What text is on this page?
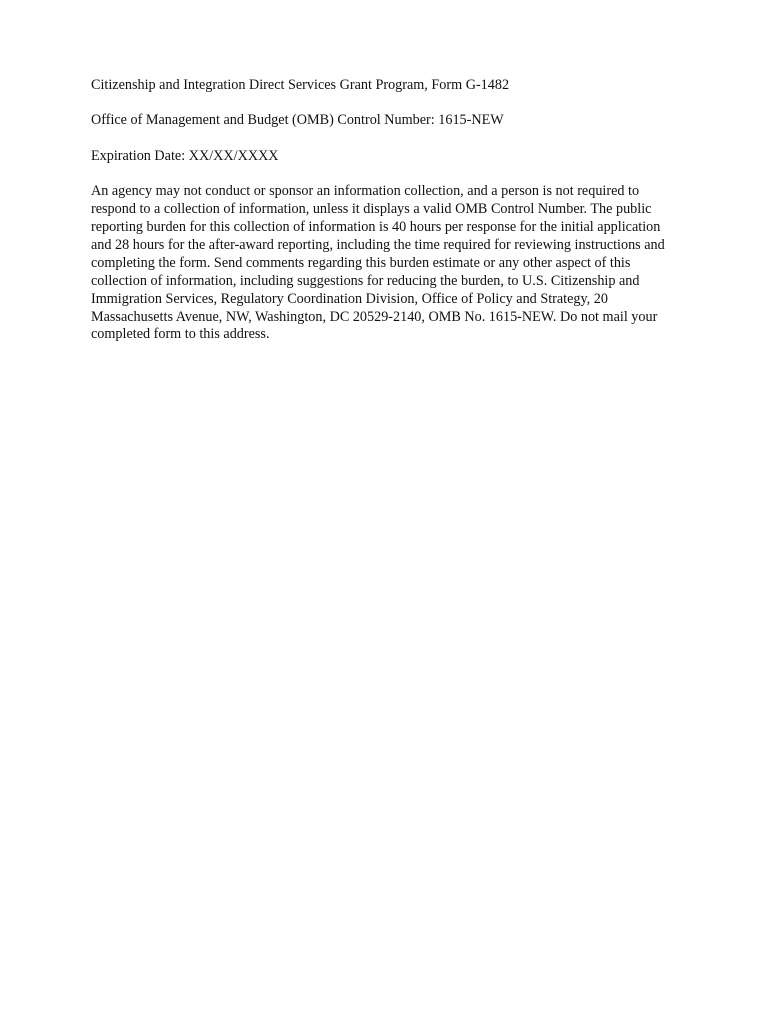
Citizenship and Integration Direct Services Grant Program, Form G-1482

Office of Management and Budget (OMB) Control Number: 1615-NEW

Expiration Date: XX/XX/XXXX

An agency may not conduct or sponsor an information collection, and a person is not required to respond to a collection of information, unless it displays a valid OMB Control Number. The public reporting burden for this collection of information is 40 hours per response for the initial application and 28 hours for the after-award reporting, including the time required for reviewing instructions and completing the form. Send comments regarding this burden estimate or any other aspect of this collection of information, including suggestions for reducing the burden, to U.S. Citizenship and Immigration Services, Regulatory Coordination Division, Office of Policy and Strategy, 20 Massachusetts Avenue, NW, Washington, DC 20529-2140, OMB No. 1615-NEW. Do not mail your completed form to this address.
